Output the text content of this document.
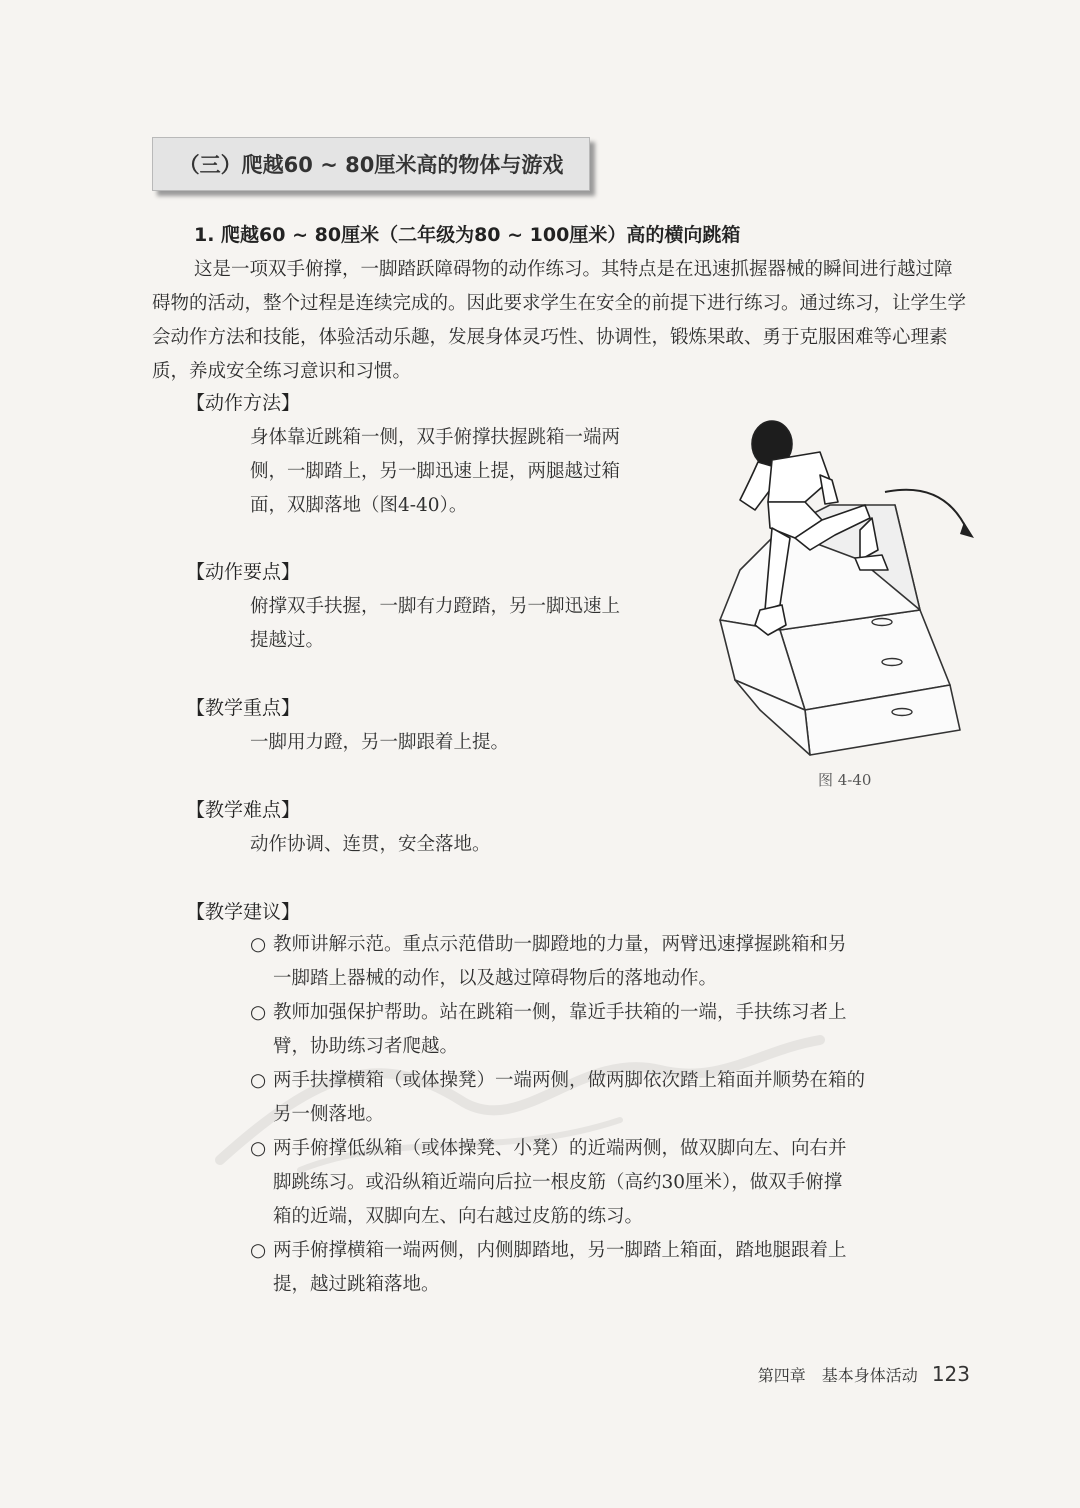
（三）爬越60 ~ 80厘米高的物体与游戏
1. 爬越60 ~ 80厘米（二年级为80 ~ 100厘米）高的横向跳箱

这是一项双手俯撑，一脚踏跃障碍物的动作练习。其特点是在迅速抓握器械的瞬间进行越过障碍物的活动，整个过程是连续完成的。因此要求学生在安全的前提下进行练习。通过练习，让学生学会动作方法和技能，体验活动乐趣，发展身体灵巧性、协调性，锻炼果敢、勇于克服困难等心理素质，养成安全练习意识和习惯。

【动作方法】

身体靠近跳箱一侧，双手俯撑扶握跳箱一端两
侧，一脚踏上，另一脚迅速上提，两腿越过箱
面，双脚落地（图4-40）。

【动作要点】

俯撑双手扶握，一脚有力蹬踏，另一脚迅速上
提越过。

【教学重点】

一脚用力蹬，另一脚跟着上提。

【教学难点】

动作协调、连贯，安全落地。

【教学建议】

○ 教师讲解示范。重点示范借助一脚蹬地的力量，两臂迅速撑握跳箱和另
一脚踏上器械的动作，以及越过障碍物后的落地动作。
○ 教师加强保护帮助。站在跳箱一侧，靠近手扶箱的一端，手扶练习者上
臂，协助练习者爬越。
○ 两手扶撑横箱（或体操凳）一端两侧，做两脚依次踏上箱面并顺势在箱的
另一侧落地。
○ 两手俯撑低纵箱（或体操凳、小凳）的近端两侧，做双脚向左、向右并
脚跳练习。或沿纵箱近端向后拉一根皮筋（高约30厘米），做双手俯撑
箱的近端，双脚向左、向右越过皮筋的练习。
○ 两手俯撑横箱一端两侧，内侧脚踏地，另一脚踏上箱面，踏地腿跟着上
提，越过跳箱落地。
图 4-40
第四章　基本身体活动 123
